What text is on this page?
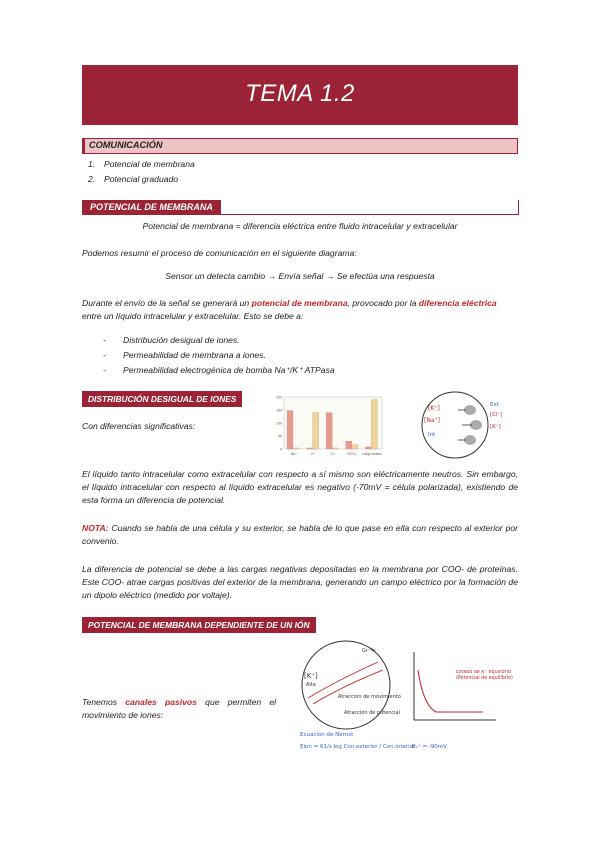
TEMA 1.2
COMUNICACIÓN
1. Potencial de membrana
2. Potencial graduado
POTENCIAL DE MEMBRANA
Potencial de membrana = diferencia eléctrica entre fluido intracelular y extracelular
Podemos resumir el proceso de comunicación en el siguiente diagrama:
Sensor un detecta cambio → Envía señal → Se efectúa una respuesta
Durante el envío de la señal se generará un potencial de membrana, provocado por la diferencia eléctrica entre un líquido intracelular y extracelular. Esto se debe a:
- Distribución desigual de iones.
- Permeabilidad de membrana a iones.
- Permeabilidad electrogénica de bomba Na⁺/K⁺ ATPasa
DISTRIBUCIÓN DESIGUAL DE IONES
Con diferencias significativas:
200
150
100
50
0
Na⁺	K⁺	Cl⁻	HCO₃⁻ Large anions
[K⁺]
[Na⁺]
Ext
[Cl⁻]
[K⁺]
Int
El líquido tanto intracelular como extracelular con respecto a sí mismo son eléctricamente neutros. Sin embargo, el líquido intracelular con respecto al líquido extracelular es negativo (-70mV = célula polarizada), existiendo de esta forma un diferencia de potencial.
NOTA: Cuando se habla de una célula y su exterior, se habla de lo que pase en ella con respecto al exterior por convenio.
La diferencia de potencial se debe a las cargas negativas depositadas en la membrana por COO- de proteínas. Este COO- atrae cargas positivas del exterior de la membrana, generando un campo eléctrico por la formación de un dipolo eléctrico (medido por voltaje).
POTENCIAL DE MEMBRANA DEPENDIENTE DE UN IÓN
[K⁺]
Alta
Gr⁻ºs
Atracción de movimiento
Atracción de potencial
Estado de K⁺ equilibrio (Potencial de equilibrio)
Ecuación de Nernst
Eion = 61/z log Con.exterior / Con.interior
Eₖ⁺ = -90mV
Tenemos canales pasivos que permiten el movimiento de iones:
